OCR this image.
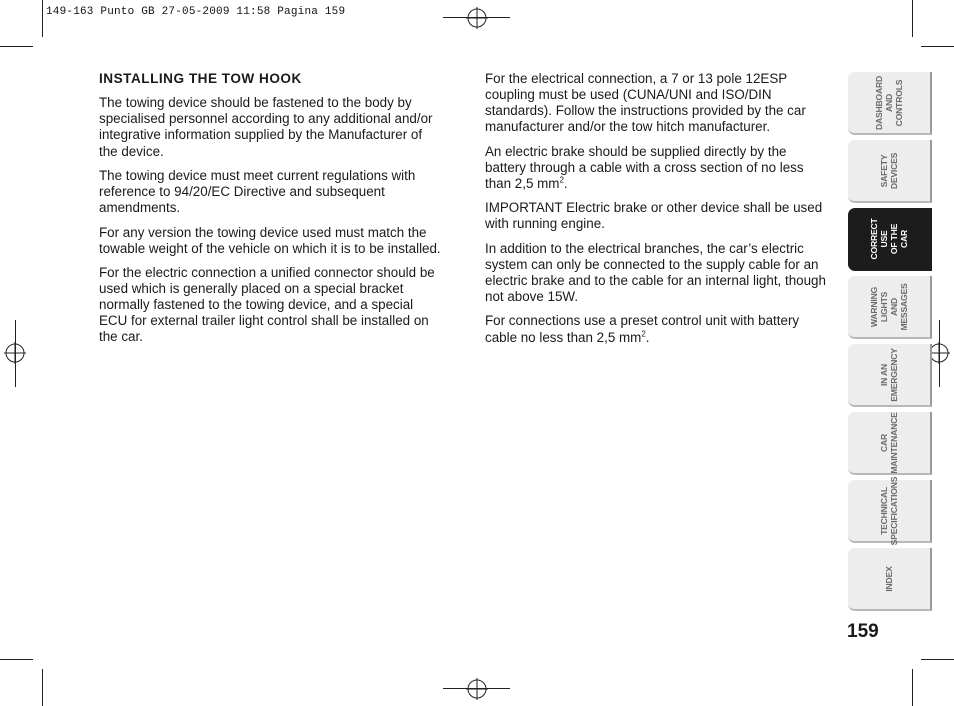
149-163 Punto GB 27-05-2009 11:58 Pagina 159
INSTALLING THE TOW HOOK

The towing device should be fastened to the body by specialised personnel according to any additional and/or integrative information supplied by the Manufacturer of the device.

The towing device must meet current regulations with reference to 94/20/EC Directive and subsequent amendments.

For any version the towing device used must match the towable weight of the vehicle on which it is to be installed.

For the electric connection a unified connector should be used which is generally placed on a special bracket normally fastened to the towing device, and a special ECU for external trailer light control shall be installed on the car.

For the electrical connection, a 7 or 13 pole 12ESP coupling must be used (CUNA/UNI and ISO/DIN standards). Follow the instructions provided by the car manufacturer and/or the tow hitch manufacturer.

An electric brake should be supplied directly by the battery through a cable with a cross section of no less than 2,5 $mm^2$.

IMPORTANT Electric brake or other device shall be used with running engine.

In addition to the electrical branches, the car’s electric system can only be connected to the supply cable for an electric brake and to the cable for an internal light, though not above 15W.

For connections use a preset control unit with battery cable no less than 2,5 $mm^2$.

DASHBOARD
AND
CONTROLS
SAFETY
DEVICES
CORRECT USE
OF THE CAR
WARNING
LIGHTS AND
MESSAGES
IN AN
EMERGENCY
CAR
MAINTENANCE
TECHNICAL
SPECIFICATIONS
INDEX
159
